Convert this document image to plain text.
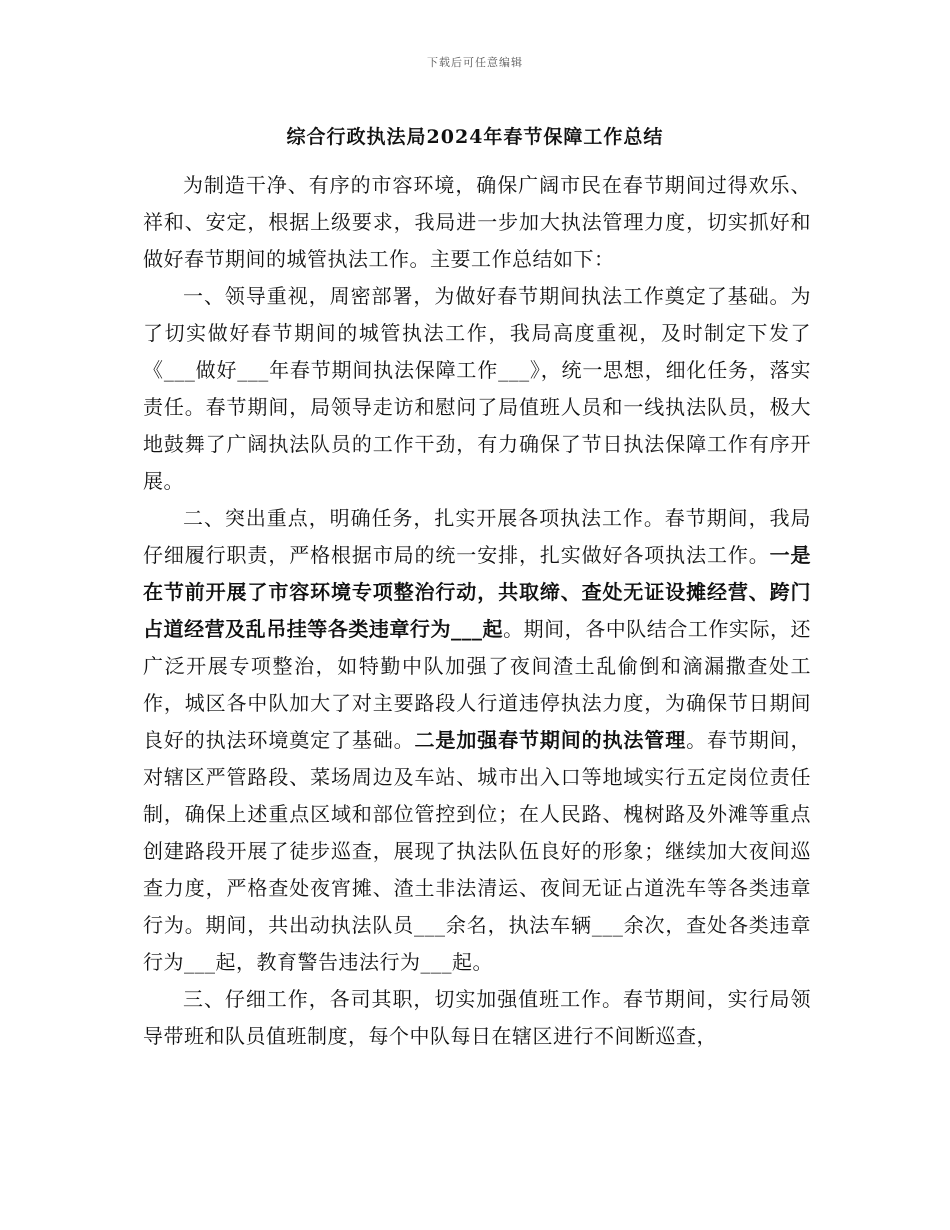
下载后可任意编辑
综合行政执法局2024年春节保障工作总结

为制造干净、有序的市容环境，确保广阔市民在春节期间过得欢乐、祥和、安定，根据上级要求，我局进一步加大执法管理力度，切实抓好和做好春节期间的城管执法工作。主要工作总结如下：

一、领导重视，周密部署，为做好春节期间执法工作奠定了基础。为了切实做好春节期间的城管执法工作，我局高度重视，及时制定下发了《___做好___年春节期间执法保障工作___》，统一思想，细化任务，落实责任。春节期间，局领导走访和慰问了局值班人员和一线执法队员，极大地鼓舞了广阔执法队员的工作干劲，有力确保了节日执法保障工作有序开展。

二、突出重点，明确任务，扎实开展各项执法工作。春节期间，我局仔细履行职责，严格根据市局的统一安排，扎实做好各项执法工作。一是在节前开展了市容环境专项整治行动，共取缔、查处无证设摊经营、跨门占道经营及乱吊挂等各类违章行为___起。期间，各中队结合工作实际，还广泛开展专项整治，如特勤中队加强了夜间渣土乱偷倒和滴漏撒查处工作，城区各中队加大了对主要路段人行道违停执法力度，为确保节日期间良好的执法环境奠定了基础。二是加强春节期间的执法管理。春节期间，对辖区严管路段、菜场周边及车站、城市出入口等地域实行五定岗位责任制，确保上述重点区域和部位管控到位；在人民路、槐树路及外滩等重点创建路段开展了徒步巡查，展现了执法队伍良好的形象；继续加大夜间巡查力度，严格查处夜宵摊、渣土非法清运、夜间无证占道洗车等各类违章行为。期间，共出动执法队员___余名，执法车辆___余次，查处各类违章行为___起，教育警告违法行为___起。

三、仔细工作，各司其职，切实加强值班工作。春节期间，实行局领导带班和队员值班制度，每个中队每日在辖区进行不间断巡查，
